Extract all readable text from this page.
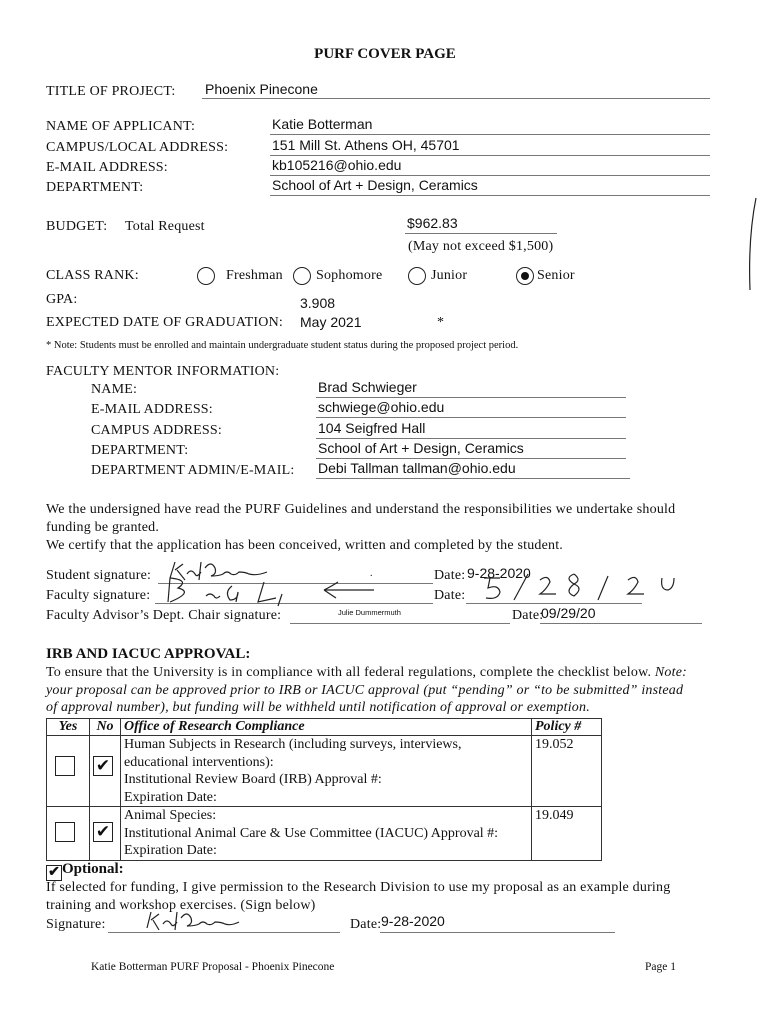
PURF COVER PAGE
TITLE OF PROJECT: Phoenix Pinecone
NAME OF APPLICANT:	Katie Botterman
CAMPUS/LOCAL ADDRESS:	151 Mill St. Athens OH, 45701
E-MAIL ADDRESS:	kb105216@ohio.edu
DEPARTMENT:	School of Art + Design, Ceramics
BUDGET: Total Request	$962.83
(May not exceed $1,500)
CLASS RANK:	Freshman Sophomore	Junior	Senior
GPA:	3.908
EXPECTED DATE OF GRADUATION: May 2021	*
* Note: Students must be enrolled and maintain undergraduate student status during the proposed project period.
FACULTY MENTOR INFORMATION:
NAME:	Brad Schwieger
E-MAIL ADDRESS:	schwiege@ohio.edu
CAMPUS ADDRESS:	104 Seigfred Hall
DEPARTMENT:	School of Art + Design, Ceramics
DEPARTMENT ADMIN/E-MAIL: Debi Tallman tallman@ohio.edu
We the undersigned have read the PURF Guidelines and understand the responsibilities we undertake should
funding be granted.
We certify that the application has been conceived, written and completed by the student.
Student signature:	.	Date: 9-28-2020
Faculty signature:	Date:
Faculty Advisor’s Dept. Chair signature:	Julie Dummermuth	Date:
09/29/20
IRB AND IACUC APPROVAL:
To ensure that the University is in compliance with all federal regulations, complete the checklist below. Note:
your proposal can be approved prior to IRB or IACUC approval (put “pending” or “to be submitted” instead
of approval number), but funding will be withheld until notification of approval or exemption.
Yes	No	Office of Research Compliance	Policy #

	✔	Human Subjects in Research (including surveys, interviews,
educational interventions):
Institutional Review Board (IRB) Approval #:
Expiration Date:	19.052

	✔	Animal Species:
Institutional Animal Care & Use Committee (IACUC) Approval #:
Expiration Date:	19.049
✔ Optional:
If selected for funding, I give permission to the Research Division to use my proposal as an example during
training and workshop exercises. (Sign below)
Signature:	Date: 9-28-2020
Katie Botterman PURF Proposal - Phoenix Pinecone	Page 1
